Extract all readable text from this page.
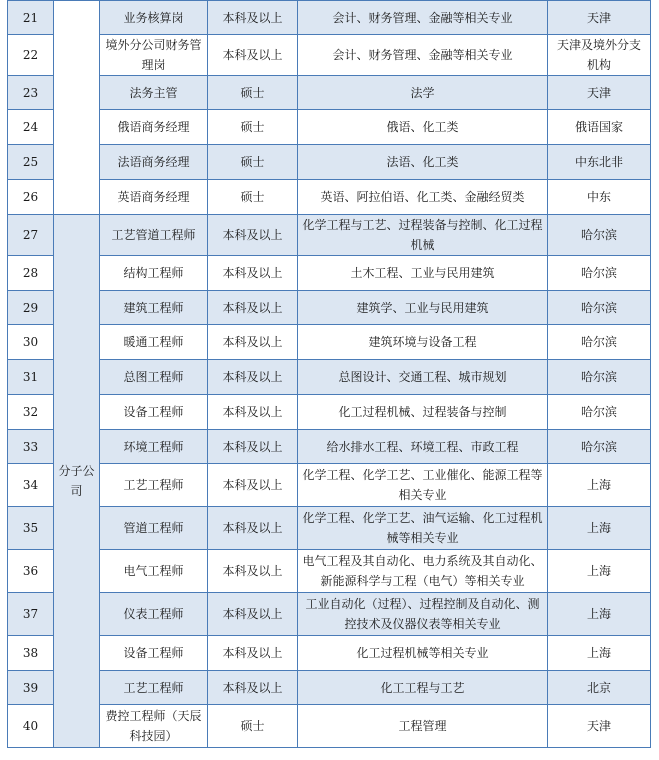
21		业务核算岗	本科及以上	会计、财务管理、金融等相关专业	天津
22		境外分公司财务管理岗	本科及以上	会计、财务管理、金融等相关专业	天津及境外分支机构
23		法务主管	硕士	法学	天津
24		俄语商务经理	硕士	俄语、化工类	俄语国家
25		法语商务经理	硕士	法语、化工类	中东北非
26		英语商务经理	硕士	英语、阿拉伯语、化工类、金融经贸类	中东
27	分子公司	工艺管道工程师	本科及以上	化学工程与工艺、过程装备与控制、化工过程机械	哈尔滨
28		结构工程师	本科及以上	土木工程、工业与民用建筑	哈尔滨
29		建筑工程师	本科及以上	建筑学、工业与民用建筑	哈尔滨
30		暖通工程师	本科及以上	建筑环境与设备工程	哈尔滨
31		总图工程师	本科及以上	总图设计、交通工程、城市规划	哈尔滨
32		设备工程师	本科及以上	化工过程机械、过程装备与控制	哈尔滨
33		环境工程师	本科及以上	给水排水工程、环境工程、市政工程	哈尔滨
34		工艺工程师	本科及以上	化学工程、化学工艺、工业催化、能源工程等相关专业	上海
35		管道工程师	本科及以上	化学工程、化学工艺、油气运输、化工过程机械等相关专业	上海
36		电气工程师	本科及以上	电气工程及其自动化、电力系统及其自动化、新能源科学与工程（电气）等相关专业	上海
37		仪表工程师	本科及以上	工业自动化（过程）、过程控制及自动化、测控技术及仪器仪表等相关专业	上海
38		设备工程师	本科及以上	化工过程机械等相关专业	上海
39		工艺工程师	本科及以上	化工工程与工艺	北京
40		费控工程师（天辰科技园）	硕士	工程管理	天津
